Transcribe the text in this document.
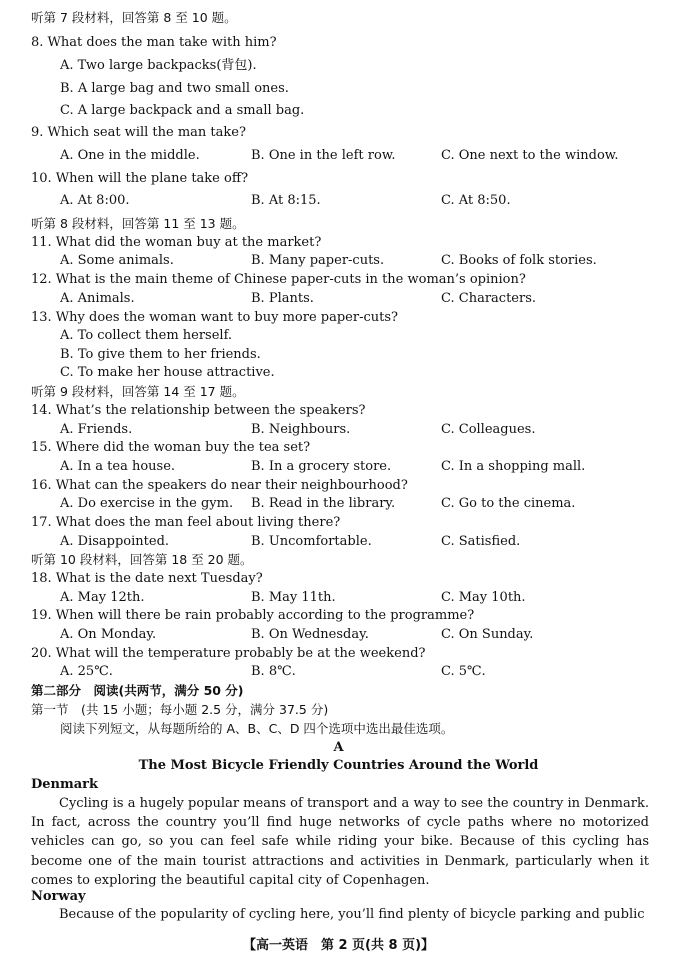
听第 7 段材料，回答第 8 至 10 题。
8. What does the man take with him?
A. Two large backpacks(背包).
B. A large bag and two small ones.
C. A large backpack and a small bag.
9. Which seat will the man take?
A. One in the middle.	B. One in the left row.	C. One next to the window.
10. When will the plane take off?
A. At 8:00.	B. At 8:15.	C. At 8:50.
听第 8 段材料，回答第 11 至 13 题。
11. What did the woman buy at the market?
A. Some animals.	B. Many paper-cuts.	C. Books of folk stories.
12. What is the main theme of Chinese paper-cuts in the woman’s opinion?
A. Animals.	B. Plants.	C. Characters.
13. Why does the woman want to buy more paper-cuts?
A. To collect them herself.
B. To give them to her friends.
C. To make her house attractive.
听第 9 段材料，回答第 14 至 17 题。
14. What’s the relationship between the speakers?
A. Friends.	B. Neighbours.	C. Colleagues.
15. Where did the woman buy the tea set?
A. In a tea house.	B. In a grocery store.	C. In a shopping mall.
16. What can the speakers do near their neighbourhood?
A. Do exercise in the gym. B. Read in the library.	C. Go to the cinema.
17. What does the man feel about living there?
A. Disappointed.	B. Uncomfortable.	C. Satisfied.
听第 10 段材料，回答第 18 至 20 题。
18. What is the date next Tuesday?
A. May 12th.	B. May 11th.	C. May 10th.
19. When will there be rain probably according to the programme?
A. On Monday.	B. On Wednesday.	C. On Sunday.
20. What will the temperature probably be at the weekend?
A. 25℃.	B. 8℃.	C. 5℃.
第二部分　阅读(共两节，满分 50 分)
第一节　(共 15 小题；每小题 2.5 分，满分 37.5 分)
阅读下列短文，从每题所给的 A、B、C、D 四个选项中选出最佳选项。
A
The Most Bicycle Friendly Countries Around the World
Denmark

Cycling is a hugely popular means of transport and a way to see the country in Denmark. In fact, across the country you’ll find huge networks of cycle paths where no motorized vehicles can go, so you can feel safe while riding your bike. Because of this cycling has become one of the main tourist attractions and activities in Denmark, particularly when it comes to exploring the beautiful capital city of Copenhagen.

Norway

Because of the popularity of cycling here, you’ll find plenty of bicycle parking and public

【高一英语　第 2 页(共 8 页)】
